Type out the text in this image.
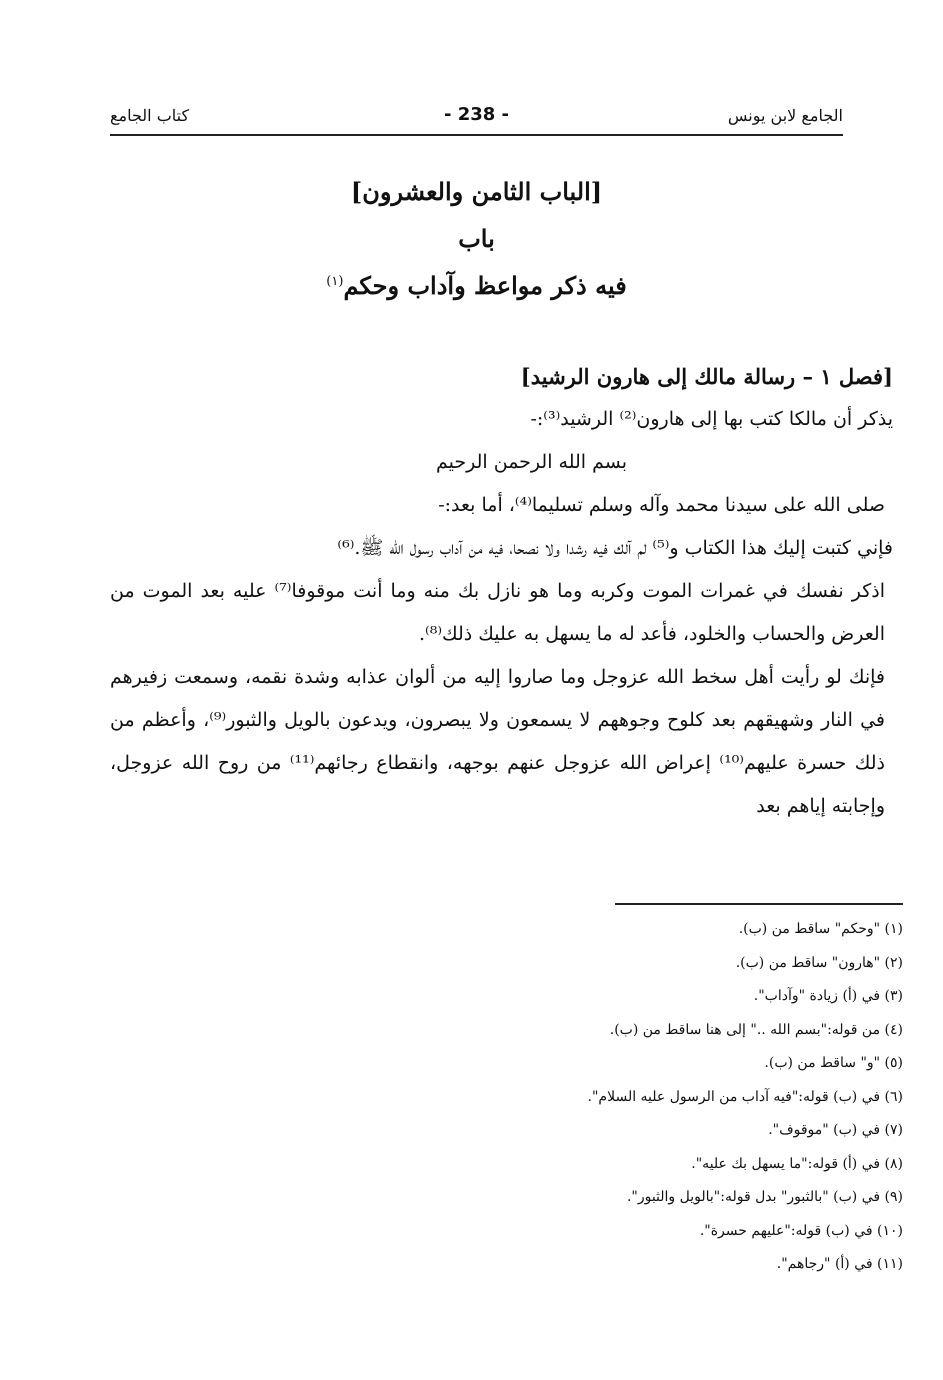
الجامع لابن يونس
- 238 -
كتاب الجامع
[الباب الثامن والعشرون]
باب
فيه ذكر مواعظ وآداب وحكم$^{(١)}$
[فصل ١ – رسالة مالك إلى هارون الرشيد]
يذكر أن مالكا كتب بها إلى هارون⁽²⁾ الرشيد⁽³⁾:-
بسم الله الرحمن الرحيم
صلى الله على سيدنا محمد وآله وسلم تسليما⁽⁴⁾، أما بعد:-
فإني كتبت إليك هذا الكتاب و⁽⁵⁾ لم آلك فيه رشدا ولا نصحا، فيه من آداب رسول الله ﷺ.⁽⁶⁾
اذكر نفسك في غمرات الموت وكربه وما هو نازل بك منه وما أنت موقوفا⁽⁷⁾ عليه بعد الموت من العرض والحساب والخلود، فأعد له ما يسهل به عليك ذلك⁽⁸⁾.
فإنك لو رأيت أهل سخط الله عزوجل وما صاروا إليه من ألوان عذابه وشدة نقمه، وسمعت زفيرهم في النار وشهيقهم بعد كلوح وجوههم لا يسمعون ولا يبصرون، ويدعون بالويل والثبور⁽⁹⁾، وأعظم من ذلك حسرة عليهم⁽¹⁰⁾ إعراض الله عزوجل عنهم بوجهه، وانقطاع رجائهم⁽¹¹⁾ من روح الله عزوجل، وإجابته إياهم بعد
(١) "وحكم" ساقط من (ب).
(٢) "هارون" ساقط من (ب).
(٣) في (أ) زيادة "وآداب".
(٤) من قوله:"بسم الله .." إلى هنا ساقط من (ب).
(٥) "و" ساقط من (ب).
(٦) في (ب) قوله:"فيه آداب من الرسول عليه السلام".
(٧) في (ب) "موقوف".
(٨) في (أ) قوله:"ما يسهل بك عليه".
(٩) في (ب) "بالثبور" بدل قوله:"بالويل والثبور".
(١٠) في (ب) قوله:"عليهم حسرة".
(١١) في (أ) "رجاهم".
